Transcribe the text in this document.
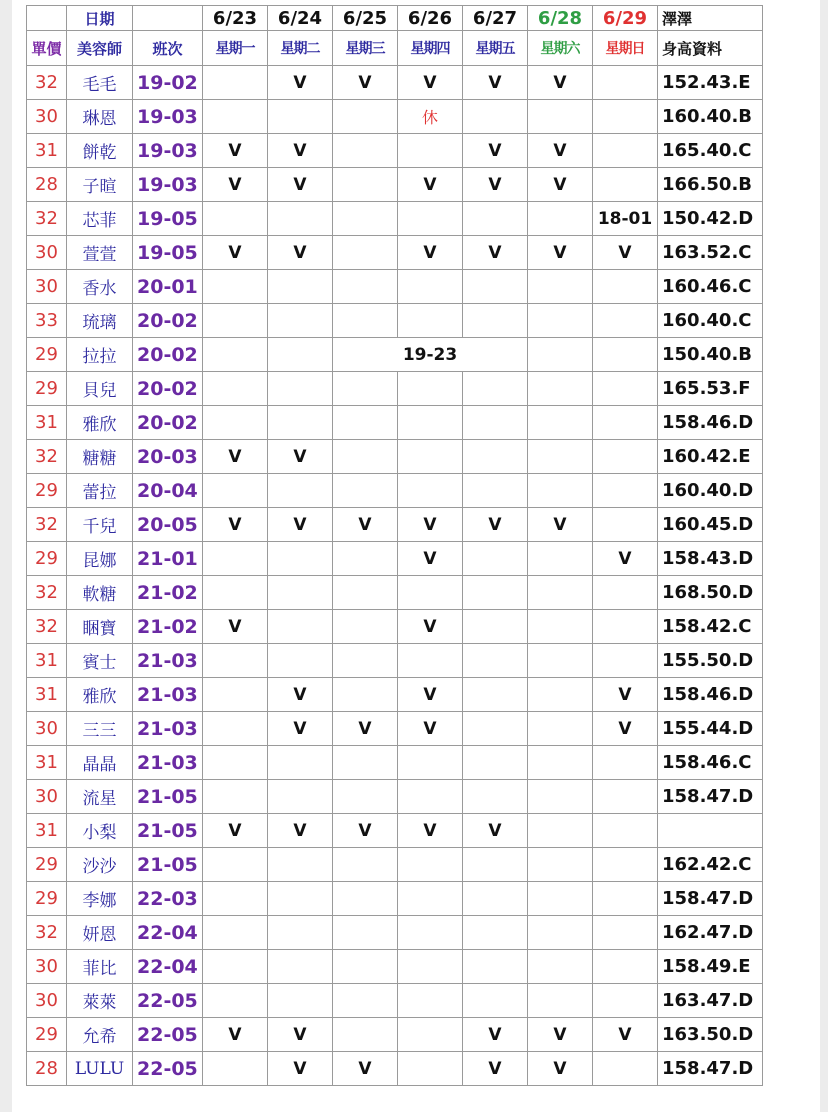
	日期		6/23	6/24	6/25	6/26	6/27	6/28	6/29	澤澤
單價	美容師	班次	星期一	星期二	星期三	星期四	星期五	星期六	星期日	身高資料
32	毛毛	19-02		V	V	V	V	V		152.43.E
30	琳恩	19-03				休				160.40.B
31	餅乾	19-03	V	V			V	V		165.40.C
28	子暄	19-03	V	V		V	V	V		166.50.B
32	芯菲	19-05							18-01	150.42.D
30	萱萱	19-05	V	V		V	V	V	V	163.52.C
30	香水	20-01								160.46.C
33	琉璃	20-02								160.40.C
29	拉拉	20-02			19-23					150.40.B
29	貝兒	20-02								165.53.F
31	雅欣	20-02								158.46.D
32	糖糖	20-03	V	V						160.42.E
29	蕾拉	20-04								160.40.D
32	千兒	20-05	V	V	V	V	V	V		160.45.D
29	昆娜	21-01				V			V	158.43.D
32	軟糖	21-02								168.50.D
32	睏寶	21-02	V			V				158.42.C
31	賓士	21-03								155.50.D
31	雅欣	21-03		V		V			V	158.46.D
30	三三	21-03		V	V	V			V	155.44.D
31	晶晶	21-03								158.46.C
30	流星	21-05								158.47.D
31	小梨	21-05	V	V	V	V	V			
29	沙沙	21-05								162.42.C
29	李娜	22-03								158.47.D
32	妍恩	22-04								162.47.D
30	菲比	22-04								158.49.E
30	萊萊	22-05								163.47.D
29	允希	22-05	V	V			V	V	V	163.50.D
28	LULU	22-05		V	V		V	V		158.47.D
